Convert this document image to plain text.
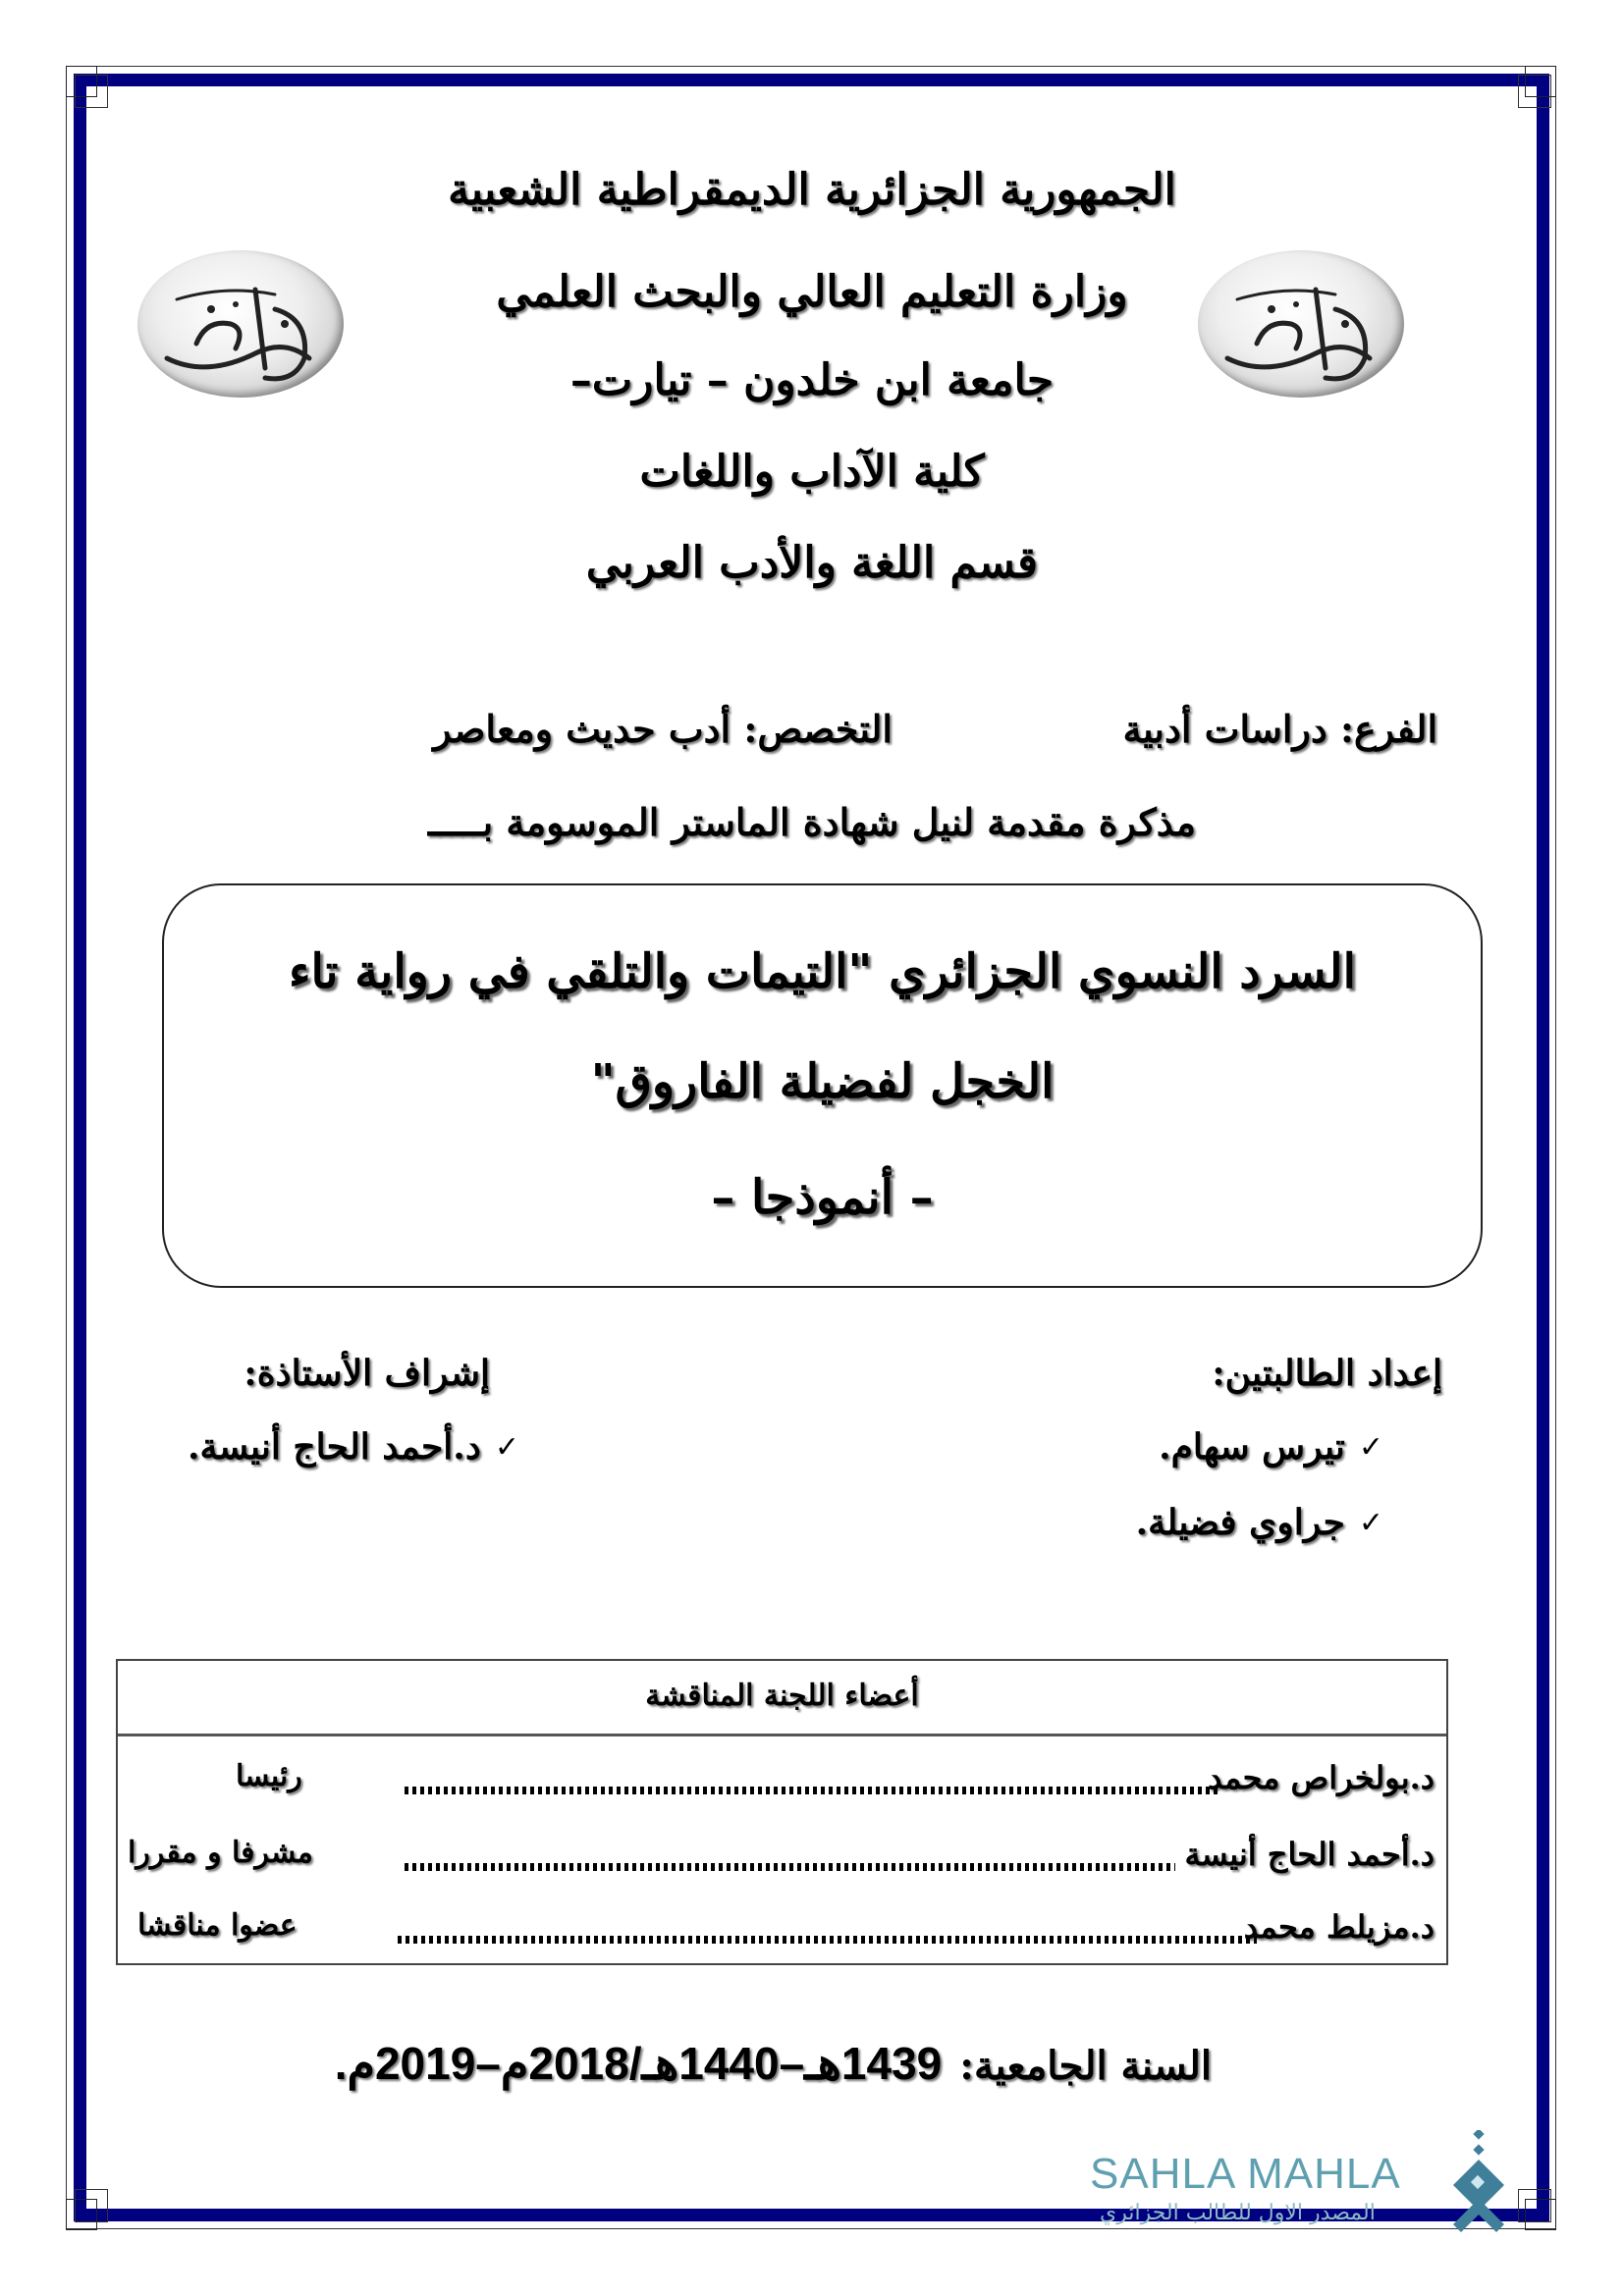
الجمهورية الجزائرية الديمقراطية الشعبية
وزارة التعليم العالي والبحث العلمي
جامعة ابن خلدون – تيارت–
كلية الآداب واللغات
قسم اللغة والأدب العربي
الفرع: دراسات أدبية
التخصص: أدب حديث ومعاصر
مذكرة مقدمة لنيل شهادة الماستر الموسومة بـــــ
السرد النسوي الجزائري "التيمات والتلقي في رواية تاء
الخجل لفضيلة الفاروق"
– أنموذجا –
إعداد الطالبتين:
إشراف الأستاذة:
✓
تيرس سهام.
✓
جراوي فضيلة.
✓
د.أحمد الحاج أنيسة.
أعضاء اللجنة المناقشة
د.بولخراص محمد
رئيسا
د.أحمد الحاج أنيسة
مشرفا و مقررا
د.مزيلط محمد
عضوا مناقشا
السنة الجامعية:
1439هـ–1440هـ/2018م–2019م.
SAHLA MAHLA
المصدر الاول للطالب الجزائري
